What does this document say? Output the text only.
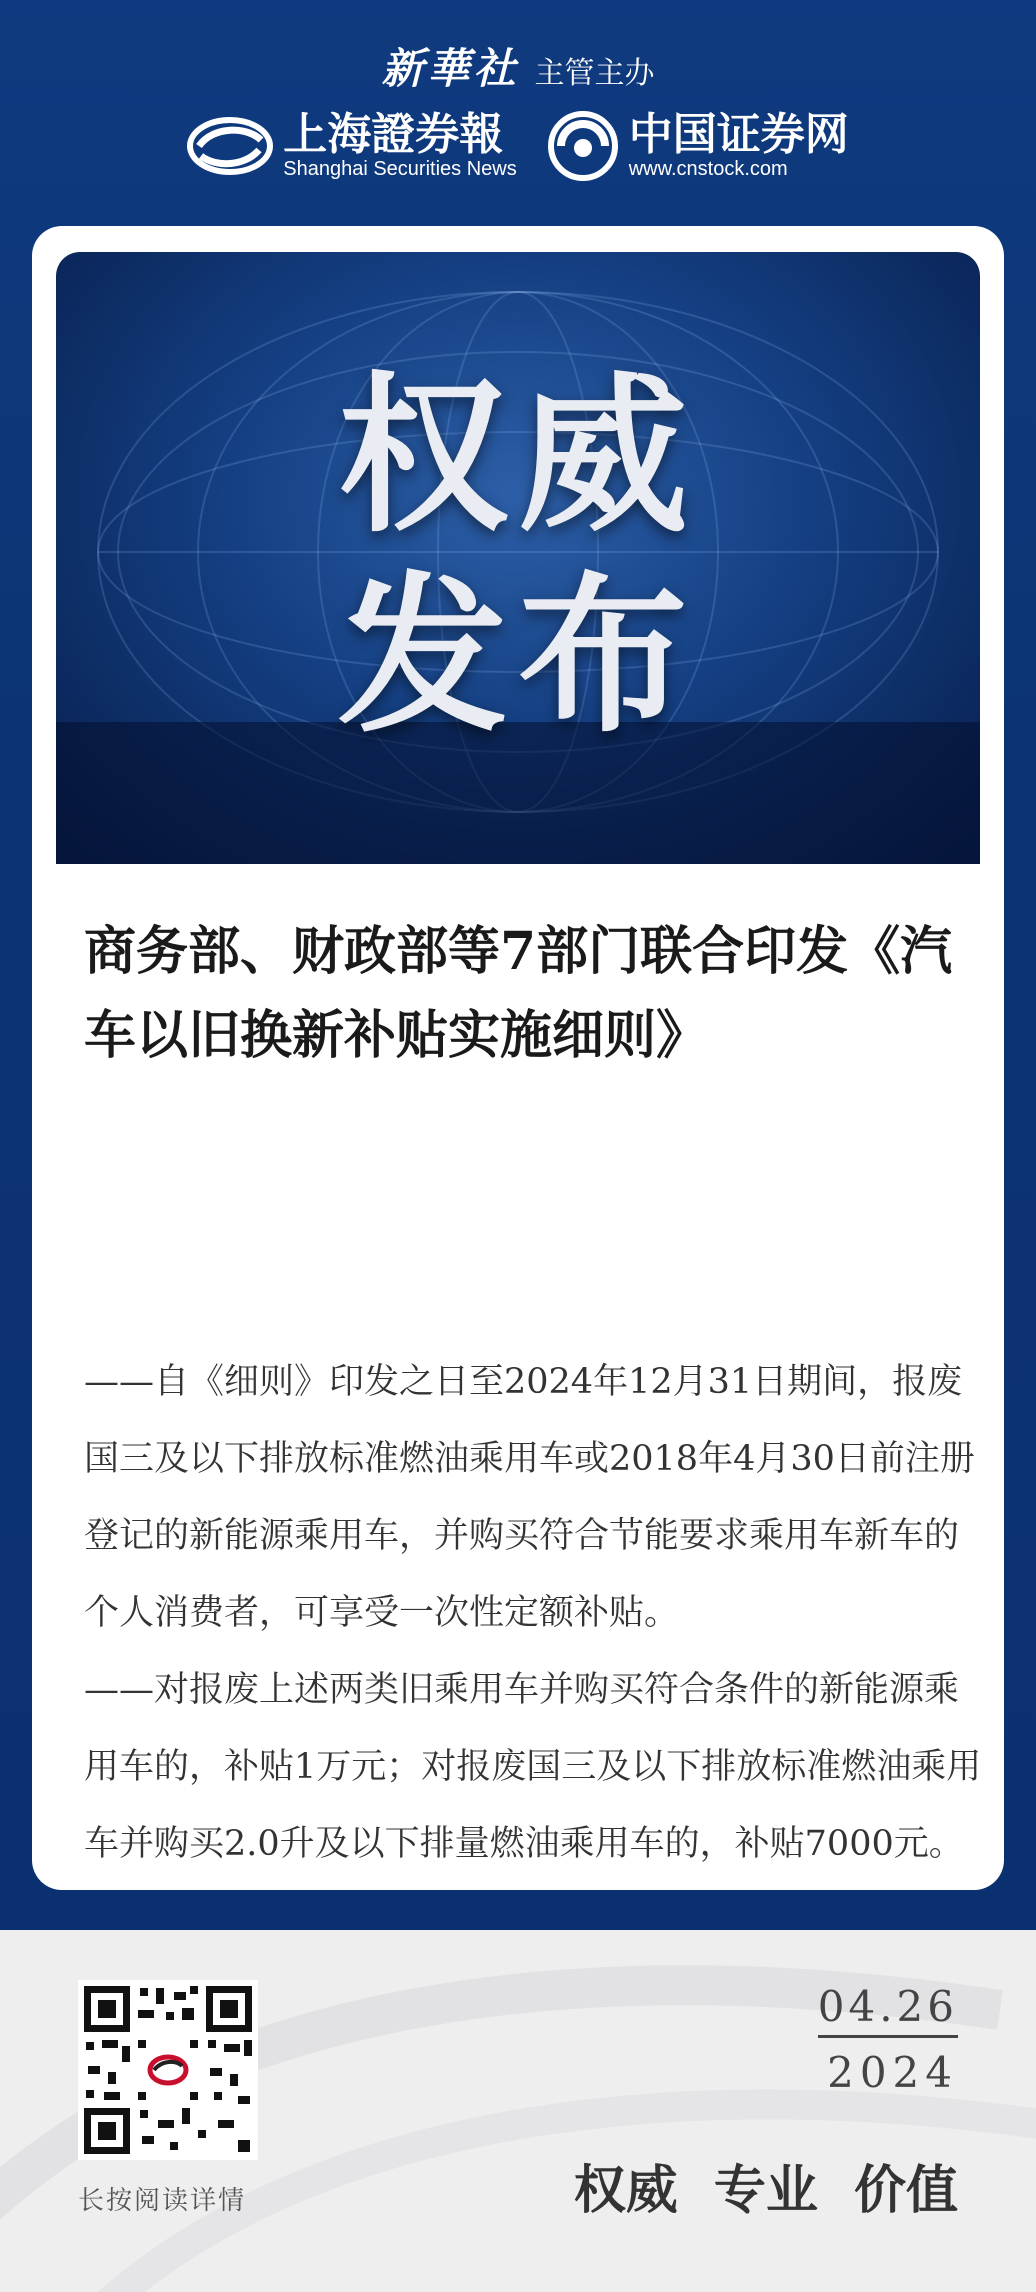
新華社 主管主办
上海證券報
Shanghai Securities News
中国证券网
www.cnstock.com
权威
发布
商务部、财政部等7部门联合印发《汽车以旧换新补贴实施细则》

——自《细则》印发之日至2024年12月31日期间，报废国三及以下排放标准燃油乘用车或2018年4月30日前注册登记的新能源乘用车，并购买符合节能要求乘用车新车的个人消费者，可享受一次性定额补贴。

——对报废上述两类旧乘用车并购买符合条件的新能源乘用车的，补贴1万元；对报废国三及以下排放标准燃油乘用车并购买2.0升及以下排量燃油乘用车的，补贴7000元。

长按阅读详情
04.26
2024
权威 专业 价值
